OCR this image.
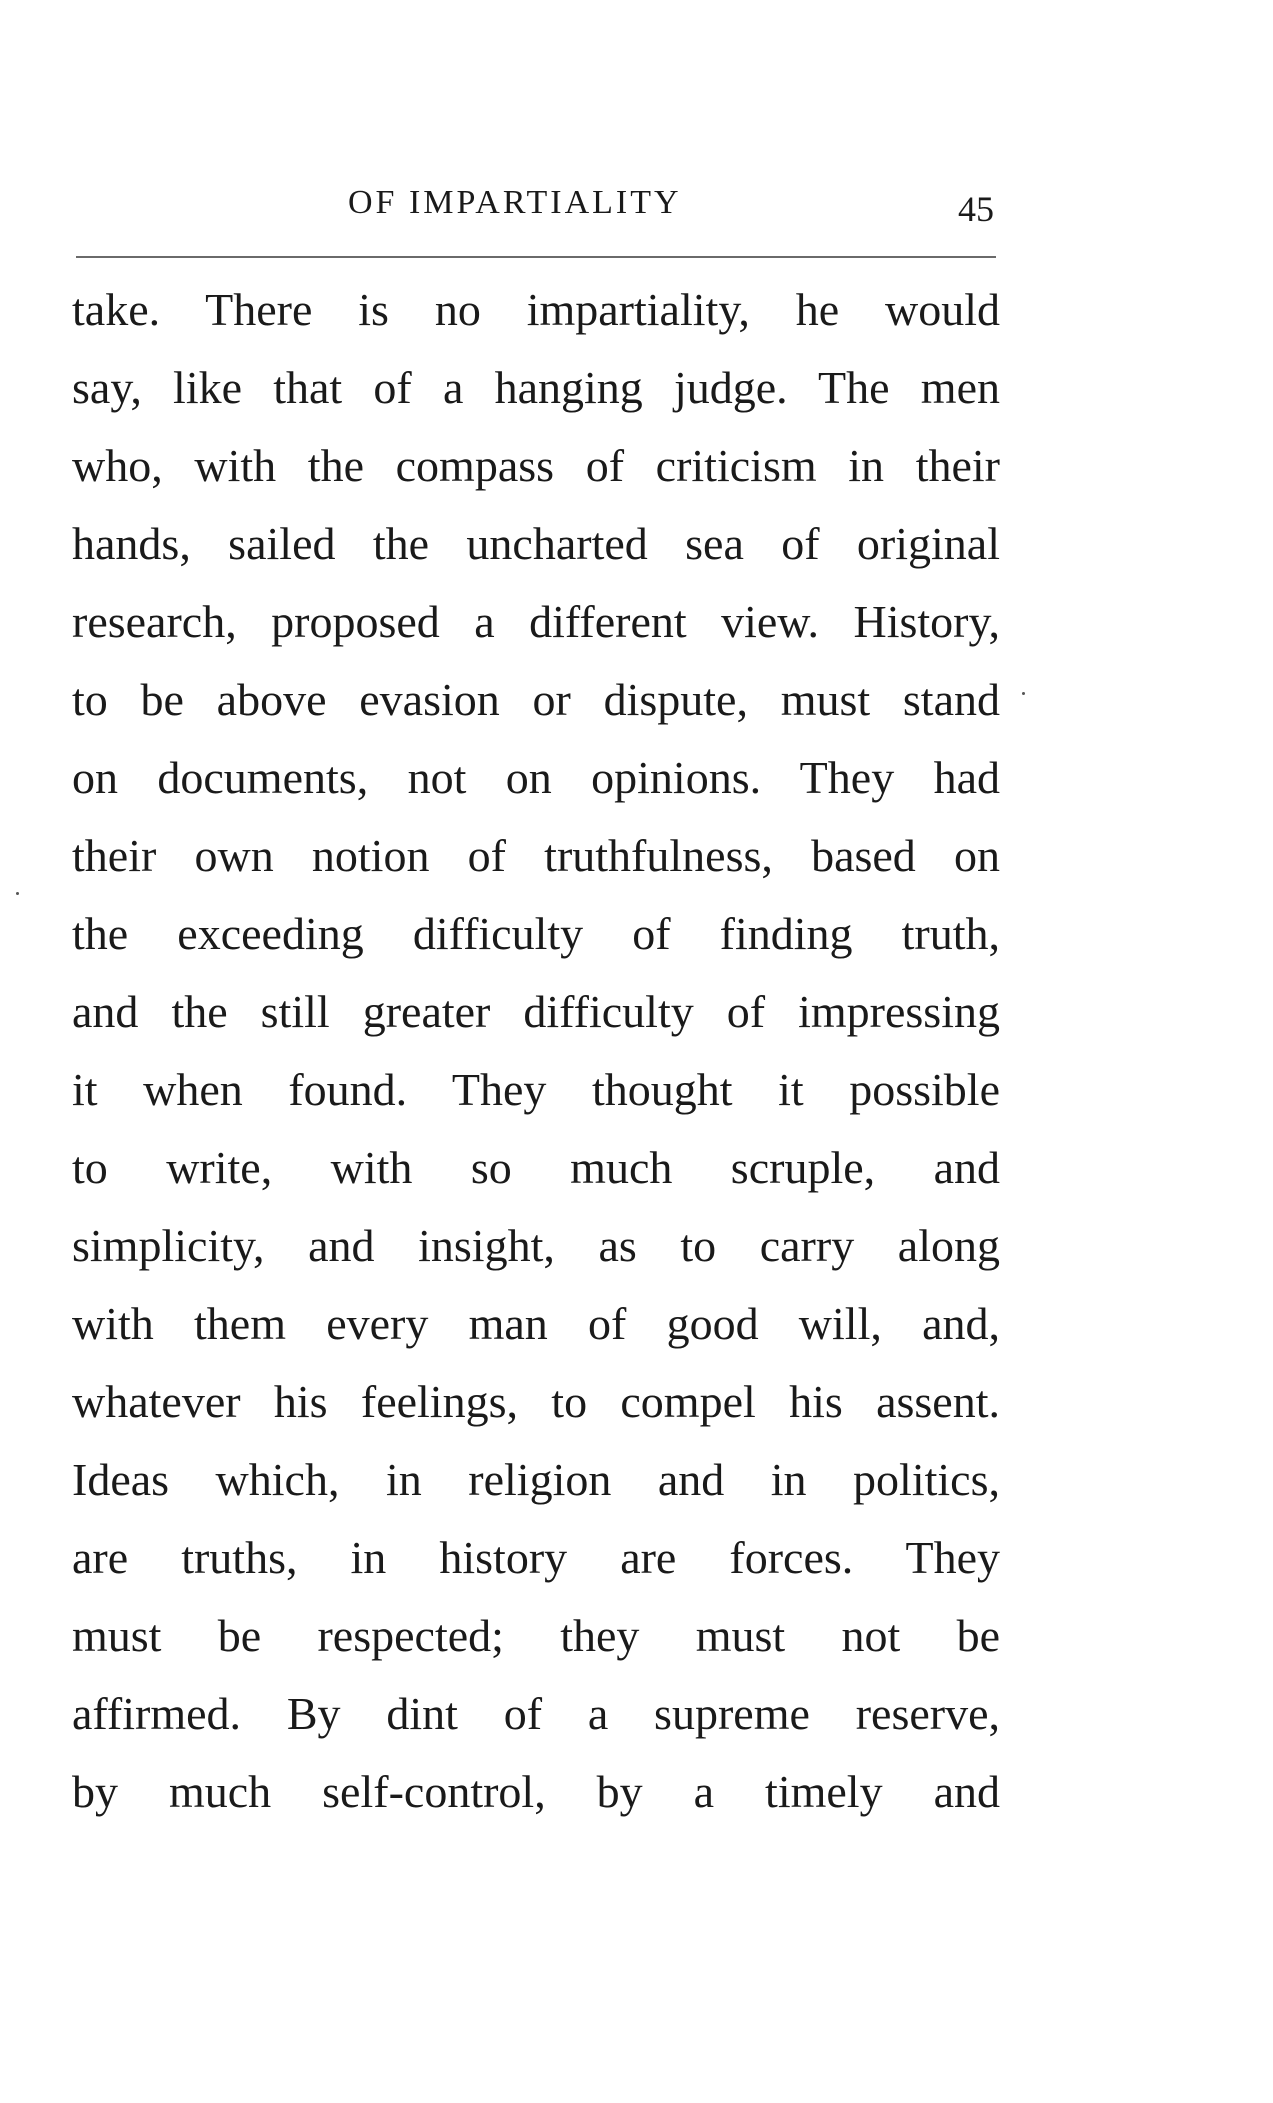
OF IMPARTIALITY	45
take. There is no impartiality, he would
say, like that of a hanging judge. The men
who, with the compass of criticism in their
hands, sailed the uncharted sea of original
research, proposed a different view. History,
to be above evasion or dispute, must stand
on documents, not on opinions. They had
their own notion of truthfulness, based on
the exceeding difficulty of finding truth,
and the still greater difficulty of impressing
it when found. They thought it possible
to write, with so much scruple, and
simplicity, and insight, as to carry along
with them every man of good will, and,
whatever his feelings, to compel his assent.
Ideas which, in religion and in politics,
are truths, in history are forces. They
must be respected; they must not be
affirmed. By dint of a supreme reserve,
by much self-control, by a timely and
